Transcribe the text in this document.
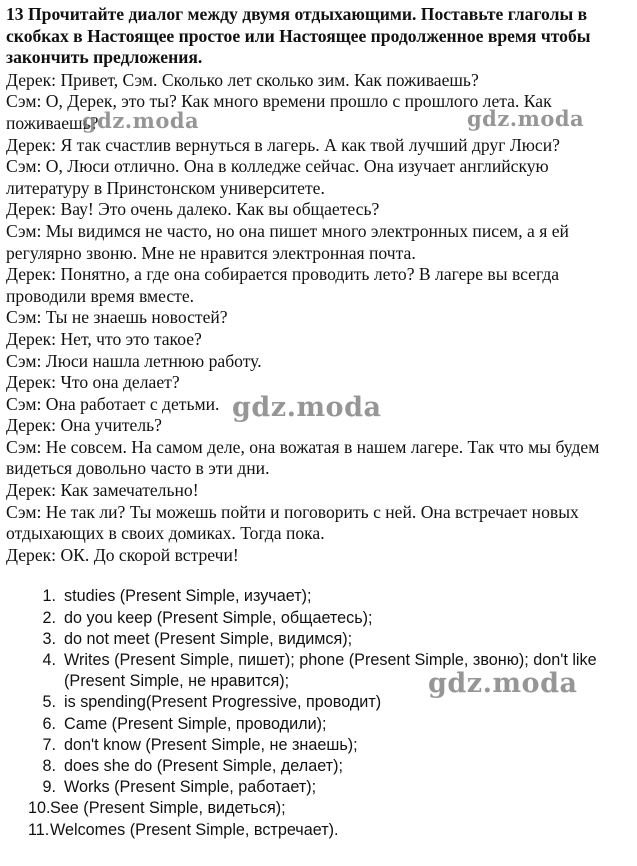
13 Прочитайте диалог между двумя отдыхающими. Поставьте глаголы в скобках в Настоящее простое или Настоящее продолженное время чтобы закончить предложения.

Дерек: Привет, Сэм. Сколько лет сколько зим. Как поживаешь?

Сэм: О, Дерек, это ты? Как много времени прошло с прошлого лета. Как поживаешь?

Дерек: Я так счастлив вернуться в лагерь. А как твой лучший друг Люси?

Сэм: О, Люси отлично. Она в колледже сейчас. Она изучает английскую литературу в Принстонском университете.

Дерек: Вау! Это очень далеко. Как вы общаетесь?

Сэм: Мы видимся не часто, но она пишет много электронных писем, а я ей регулярно звоню. Мне не нравится электронная почта.

Дерек: Понятно, а где она собирается проводить лето? В лагере вы всегда проводили время вместе.

Сэм: Ты не знаешь новостей?

Дерек: Нет, что это такое?

Сэм: Люси нашла летнюю работу.

Дерек: Что она делает?

Сэм: Она работает с детьми.

Дерек: Она учитель?

Сэм: Не совсем. На самом деле, она вожатая в нашем лагере. Так что мы будем видеться довольно часто в эти дни.

Дерек: Как замечательно!

Сэм: Не так ли? Ты можешь пойти и поговорить с ней. Она встречает новых отдыхающих в своих домиках. Тогда пока.

Дерек: ОК. До скорой встречи!

1. studies (Present Simple, изучает);
2. do you keep (Present Simple, общаетесь);
3. do not meet (Present Simple, видимся);
4. Writes (Present Simple, пишет); phone (Present Simple, звоню); don't like (Present Simple, не нравится);
5. is spending(Present Progressive, проводит)
6. Came (Present Simple, проводили);
7. don't know (Present Simple, не знаешь);
8. does she do (Present Simple, делает);
9. Works (Present Simple, работает);
10. See (Present Simple, видеться);
11. Welcomes (Present Simple, встречает).
gdz.moda	gdz.moda
gdz.moda
gdz.moda
